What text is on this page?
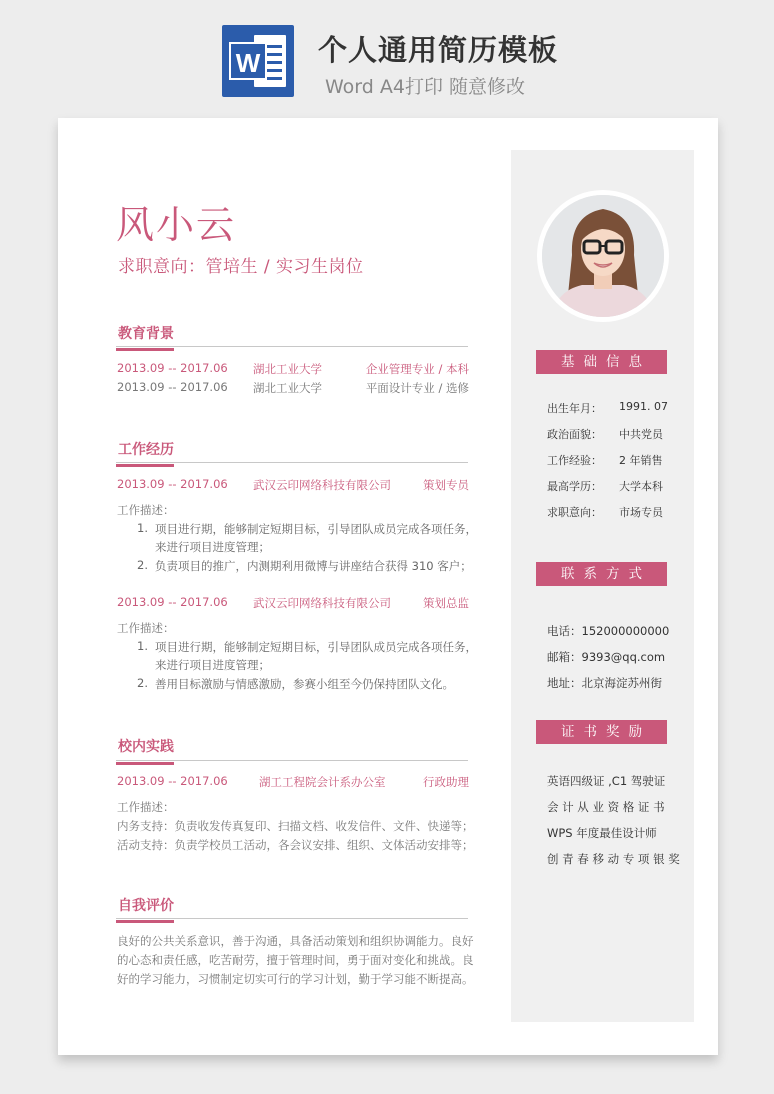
W 个人通用简历模板
Word A4打印 随意修改
风小云
求职意向：管培生 / 实习生岗位
教育背景
2013.09 -- 2017.06 湖北工业大学	企业管理专业 / 本科
2013.09 -- 2017.06 湖北工业大学	平面设计专业 / 选修
工作经历
2013.09 -- 2017.06 武汉云印网络科技有限公司	策划专员
工作描述：
1. 项目进行期，能够制定短期目标，引导团队成员完成各项任务，
来进行项目进度管理；
2. 负责项目的推广，内测期利用微博与讲座结合获得 310 客户；
2013.09 -- 2017.06 武汉云印网络科技有限公司	策划总监
工作描述：
1. 项目进行期，能够制定短期目标，引导团队成员完成各项任务，
来进行项目进度管理；
2. 善用目标激励与情感激励，参赛小组至今仍保持团队文化。
校内实践
2013.09 -- 2017.06	湖工工程院会计系办公室	行政助理
工作描述：
内务支持：负责收发传真复印、扫描文档、收发信件、文件、快递等；
活动支持：负责学校员工活动，各会议安排、组织、文体活动安排等；
自我评价
良好的公共关系意识，善于沟通，具备活动策划和组织协调能力。良好
的心态和责任感，吃苦耐劳，擅于管理时间，勇于面对变化和挑战。良
好的学习能力，习惯制定切实可行的学习计划，勤于学习能不断提高。
基础信息
出生年月： 1991. 07
政治面貌： 中共党员
工作经验： 2 年销售
最高学历： 大学本科
求职意向： 市场专员
联系方式
电话：152000000000
邮箱：9393@qq.com
地址：北京海淀苏州街
证书奖励
英语四级证 ,C1 驾驶证
会 计 从 业 资 格 证 书
WPS 年度最佳设计师
创 青 春 移 动 专 项 银 奖
